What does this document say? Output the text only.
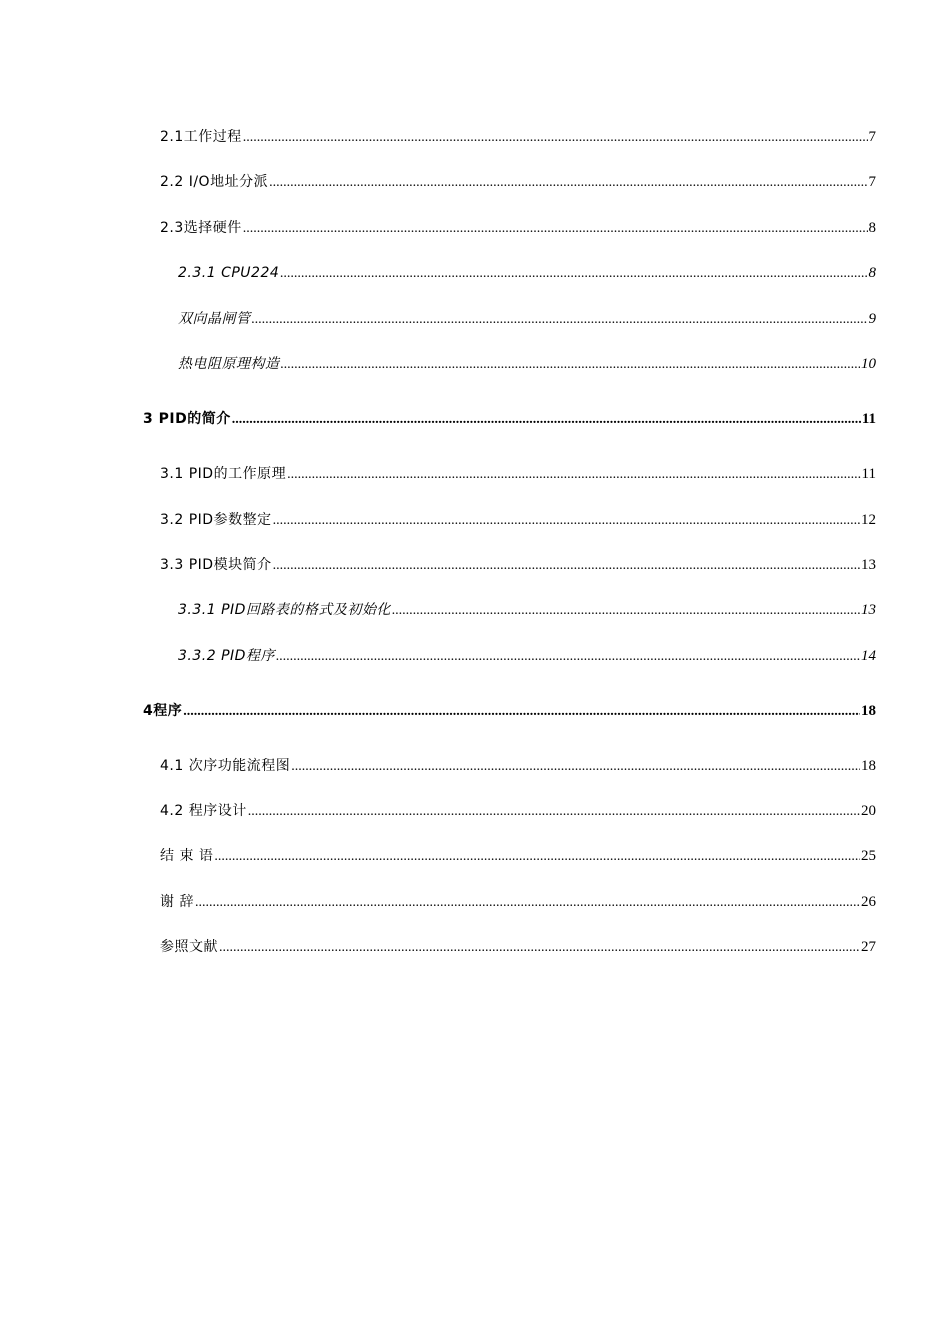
2.1工作过程 .....	7
2.2 I/O地址分派 .....	7
2.3选择硬件 .....	8
2.3.1 CPU224 .....	8
双向晶闸管 .....	9
热电阻原理构造 .....	10
3 PID的简介 .....	11
3.1 PID的工作原理 .....	11
3.2 PID参数整定 .....	12
3.3 PID模块简介 .....	13
3.3.1 PID回路表的格式及初始化 .....	13
3.3.2 PID程序 .....	14
4程序 .....	18
4.1 次序功能流程图 .....	18
4.2 程序设计 .....	20
结 束 语 .....	25
谢 辞 .....	26
参照文献 .....	27
